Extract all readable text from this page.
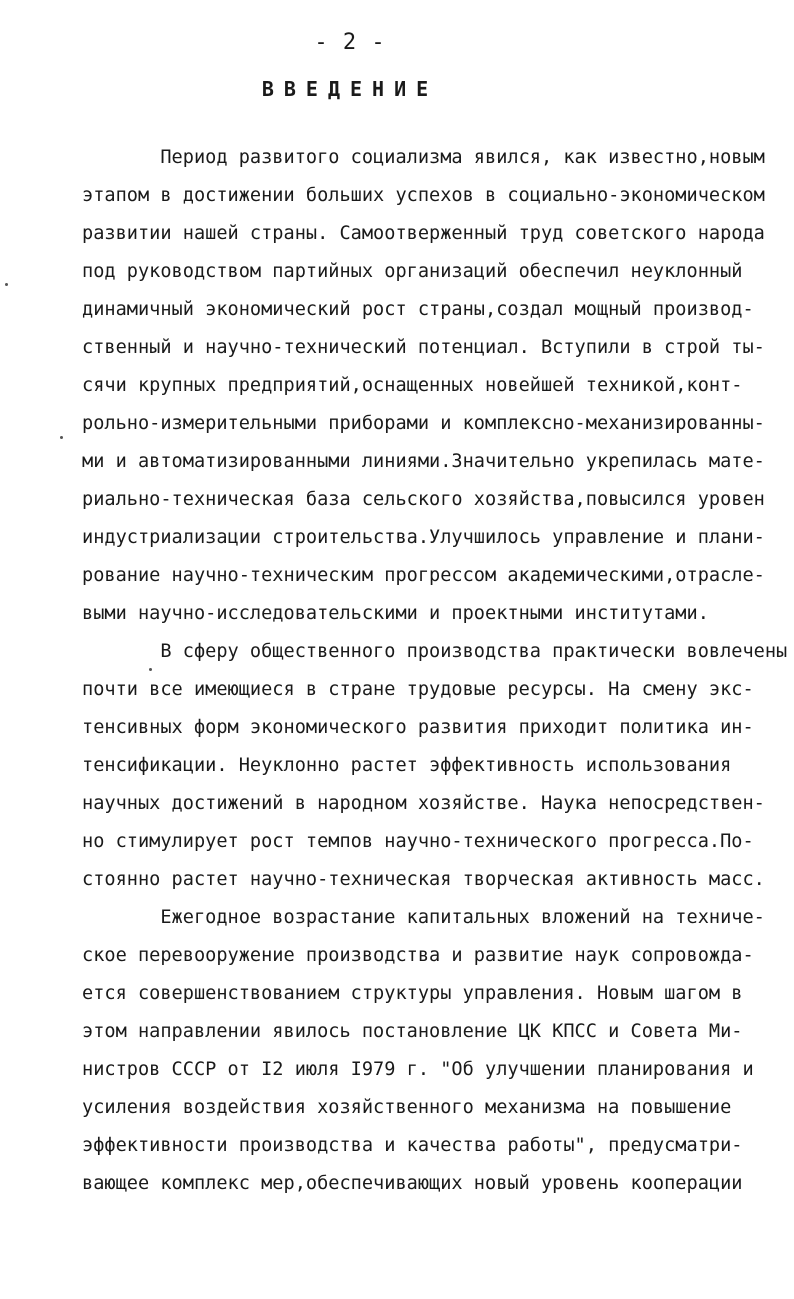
- 2 -
ВВЕДЕНИЕ
Период развитого социализма явился, как известно,новым
этапом в достижении больших успехов в социально-экономическом
развитии нашей страны. Самоотверженный труд советского народа
под руководством партийных организаций обеспечил неуклонный
динамичный экономический рост страны,создал мощный производ-
ственный и научно-технический потенциал. Вступили в строй ты-
сячи крупных предприятий,оснащенных новейшей техникой,конт-
рольно-измерительными приборами и комплексно-механизированны-
ми и автоматизированными линиями.Значительно укрепилась мате-
риально-техническая база сельского хозяйства,повысился уровен
индустриализации строительства.Улучшилось управление и плани-
рование научно-техническим прогрессом академическими,отрасле-
выми научно-исследовательскими и проектными институтами.
В сферу общественного производства практически вовлечены
почти все имеющиеся в стране трудовые ресурсы. На смену экс-
тенсивных форм экономического развития приходит политика ин-
тенсификации. Неуклонно растет эффективность использования
научных достижений в народном хозяйстве. Наука непосредствен-
но стимулирует рост темпов научно-технического прогресса.По-
стоянно растет научно-техническая творческая активность масс.
Ежегодное возрастание капитальных вложений на техниче-
ское перевооружение производства и развитие наук сопровожда-
ется совершенствованием структуры управления. Новым шагом в
этом направлении явилось постановление ЦК КПСС и Совета Ми-
нистров СССР от I2 июля I979 г. "Об улучшении планирования и
усиления воздействия хозяйственного механизма на повышение
эффективности производства и качества работы", предусматри-
вающее комплекс мер,обеспечивающих новый уровень кооперации
